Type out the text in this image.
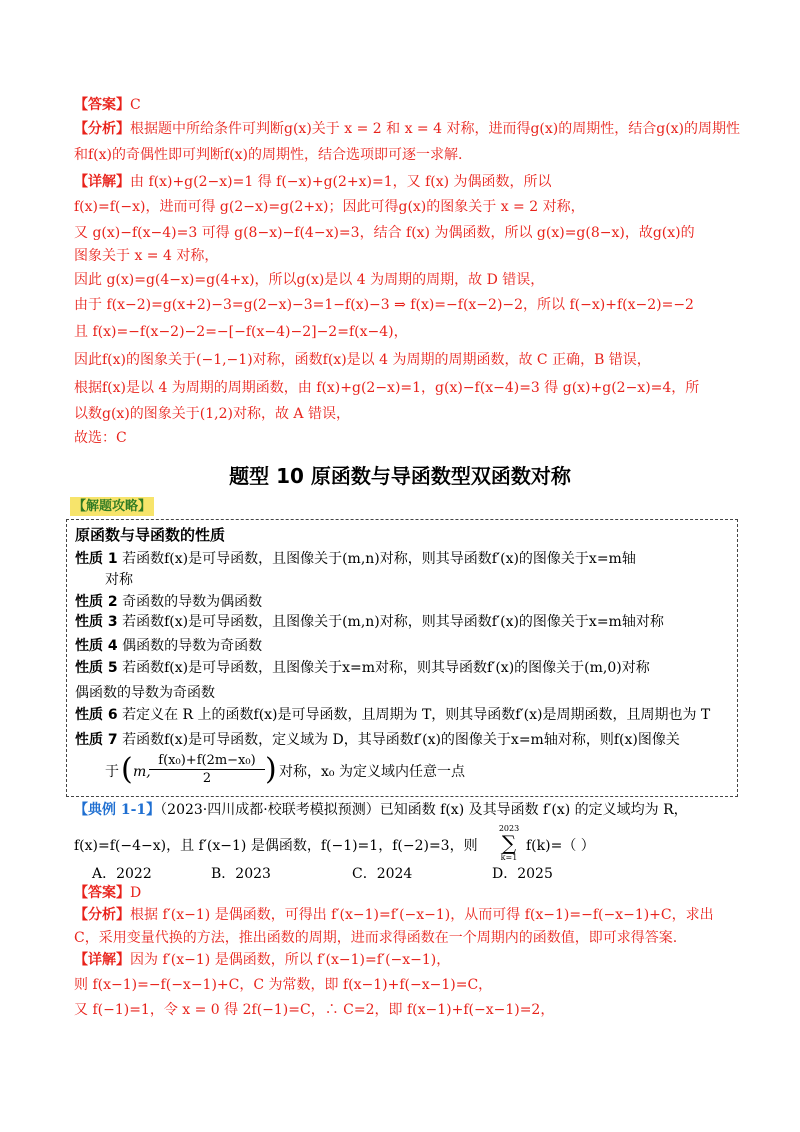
【答案】C
【分析】根据题中所给条件可判断g(x)关于 x = 2 和 x = 4 对称，进而得g(x)的周期性，结合g(x)的周期性
和f(x)的奇偶性即可判断f(x)的周期性，结合选项即可逐一求解.
【详解】由 f(x)+g(2−x)=1 得 f(−x)+g(2+x)=1，又 f(x) 为偶函数，所以
f(x)=f(−x)，进而可得 g(2−x)=g(2+x)；因此可得g(x)的图象关于 x = 2 对称，
又 g(x)−f(x−4)=3 可得 g(8−x)−f(4−x)=3，结合 f(x) 为偶函数，所以 g(x)=g(8−x)，故g(x)的
图象关于 x = 4 对称，
因此 g(x)=g(4−x)=g(4+x)，所以g(x)是以 4 为周期的周期，故 D 错误，
由于 f(x−2)=g(x+2)−3=g(2−x)−3=1−f(x)−3 ⇒ f(x)=−f(x−2)−2，所以 f(−x)+f(x−2)=−2
且 f(x)=−f(x−2)−2=−[−f(x−4)−2]−2=f(x−4)，
因此f(x)的图象关于(−1,−1)对称，函数f(x)是以 4 为周期的周期函数，故 C 正确，B 错误，
根据f(x)是以 4 为周期的周期函数，由 f(x)+g(2−x)=1，g(x)−f(x−4)=3 得 g(x)+g(2−x)=4，所
以数g(x)的图象关于(1,2)对称，故 A 错误，
故选：C
题型 10 原函数与导函数型双函数对称
【解题攻略】
原函数与导函数的性质
性质 1 若函数f(x)是可导函数，且图像关于(m,n)对称，则其导函数f′(x)的图像关于x=m轴
对称
性质 2 奇函数的导数为偶函数
性质 3 若函数f(x)是可导函数，且图像关于(m,n)对称，则其导函数f′(x)的图像关于x=m轴对称
性质 4 偶函数的导数为奇函数
性质 5 若函数f(x)是可导函数，且图像关于x=m对称，则其导函数f′(x)的图像关于(m,0)对称
偶函数的导数为奇函数
性质 6 若定义在 R 上的函数f(x)是可导函数，且周期为 T，则其导函数f′(x)是周期函数，且周期也为 T
性质 7 若函数f(x)是可导函数，定义域为 D，其导函数f′(x)的图像关于x=m轴对称，则f(x)图像关
于 ( m,
$\frac{\text{f(x₀)+f(2m−x₀)}}{2}$ ) 对称，x₀ 为定义域内任意一点
【典例 1-1】（2023·四川成都·校联考模拟预测）已知函数 f(x) 及其导函数 f′(x) 的定义域均为 R，
f(x)=f(−4−x)，且 f′(x−1) 是偶函数，f(−1)=1，f(−2)=3，则
2023
∑
k=1
f(k)=（ ）
A．2022	B．2023	C．2024	D．2025
【答案】D
【分析】根据 f′(x−1) 是偶函数，可得出 f′(x−1)=f′(−x−1)，从而可得 f(x−1)=−f(−x−1)+C，求出
C，采用变量代换的方法，推出函数的周期，进而求得函数在一个周期内的函数值，即可求得答案.
【详解】因为 f′(x−1) 是偶函数，所以 f′(x−1)=f′(−x−1)，
则 f(x−1)=−f(−x−1)+C，C 为常数，即 f(x−1)+f(−x−1)=C，
又 f(−1)=1，令 x = 0 得 2f(−1)=C，∴ C=2，即 f(x−1)+f(−x−1)=2，
